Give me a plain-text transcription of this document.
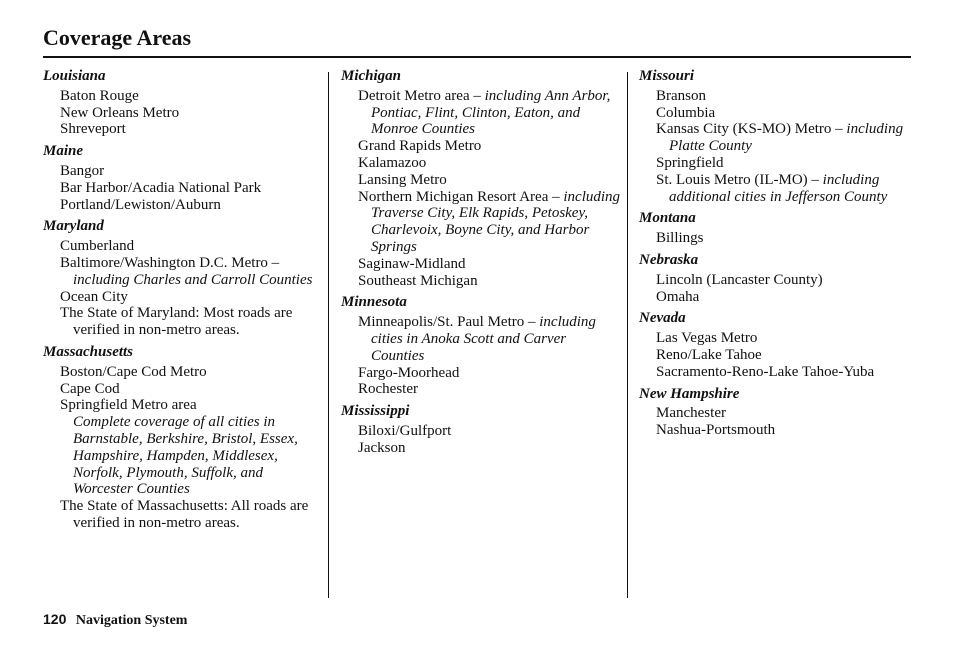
Coverage Areas
Louisiana
Baton Rouge
New Orleans Metro
Shreveport
Maine
Bangor
Bar Harbor/Acadia National Park
Portland/Lewiston/Auburn
Maryland
Cumberland
Baltimore/Washington D.C. Metro – including Charles and Carroll Counties
Ocean City
The State of Maryland: Most roads are verified in non-metro areas.
Massachusetts
Boston/Cape Cod Metro
Cape Cod
Springfield Metro area
Complete coverage of all cities in Barnstable, Berkshire, Bristol, Essex, Hampshire, Hampden, Middlesex, Norfolk, Plymouth, Suffolk, and Worcester Counties
The State of Massachusetts: All roads are verified in non-metro areas.
Michigan
Detroit Metro area – including Ann Arbor, Pontiac, Flint, Clinton, Eaton, and Monroe Counties
Grand Rapids Metro
Kalamazoo
Lansing Metro
Northern Michigan Resort Area – including Traverse City, Elk Rapids, Petoskey, Charlevoix, Boyne City, and Harbor Springs
Saginaw-Midland
Southeast Michigan
Minnesota
Minneapolis/St. Paul Metro – including cities in Anoka Scott and Carver Counties
Fargo-Moorhead
Rochester
Mississippi
Biloxi/Gulfport
Jackson
Missouri
Branson
Columbia
Kansas City (KS-MO) Metro – including Platte County
Springfield
St. Louis Metro (IL-MO) – including additional cities in Jefferson County
Montana
Billings
Nebraska
Lincoln (Lancaster County)
Omaha
Nevada
Las Vegas Metro
Reno/Lake Tahoe
Sacramento-Reno-Lake Tahoe-Yuba
New Hampshire
Manchester
Nashua-Portsmouth
120 Navigation System
